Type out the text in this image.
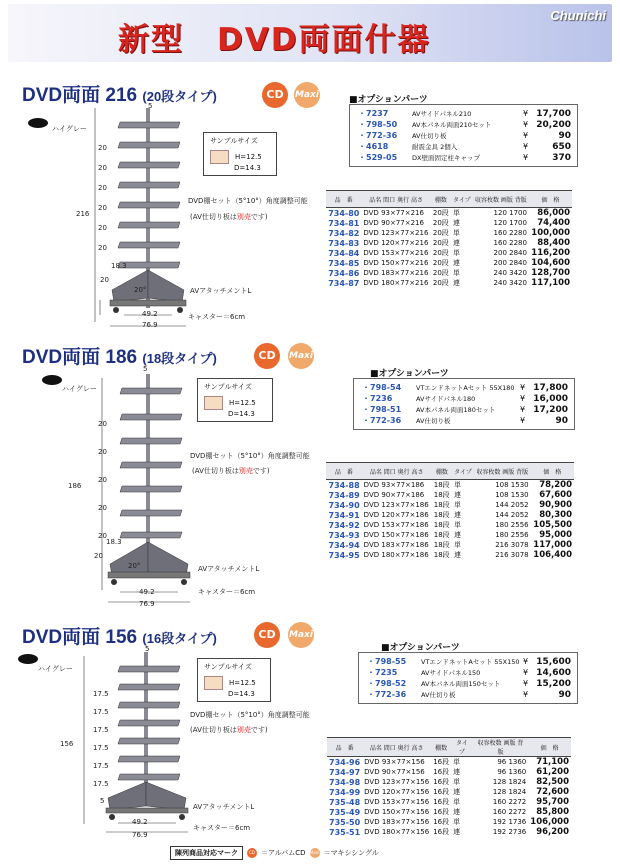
新型　DVD両面什器
Chunichi
DVD両面 216 (20段タイプ)	CD	Maxi
ハイグレー
5
20
20
20
20
20
20
216
18.3
20
20°
49.2
76.9
サンプルサイズ
H=12.5
D=14.3
DVD棚セット（5°10°）角度調整可能
(AV仕切り板は別売です)
AVアタッチメントL
キャスター＝6cm
■オプションパーツ
・7237	AVサイドパネル210	¥ 17,700
・798-50	AV本パネル両面210セット	¥ 20,200
・772-36	AV仕切り板	¥	90
・4618	耐震金具 2個入	¥	650
・529-05	DX壁面固定柱キャップ	¥	370
品　番	品名 間口 奥行 高さ	棚数	タイプ	収容枚数 画版 背版	価　格
734-80	DVD 93×77×216	20段	単	120 1700	86,000
734-81	DVD 90×77×216	20段	連	120 1700	74,400
734-82	DVD 123×77×216	20段	単	160 2280	100,000
734-83	DVD 120×77×216	20段	連	160 2280	88,400
734-84	DVD 153×77×216	20段	単	200 2840	116,200
734-85	DVD 150×77×216	20段	連	200 2840	104,600
734-86	DVD 183×77×216	20段	単	240 3420	128,700
734-87	DVD 180×77×216	20段	連	240 3420	117,100
DVD両面 186 (18段タイプ)	CD	Maxi
ハイグレー
5
20
20
20
20
20
186
18.3
20
20°
49.2
76.9
サンプルサイズ
H=12.5
D=14.3
DVD棚セット（5°10°）角度調整可能
(AV仕切り板は別売です)
AVアタッチメントL
キャスター＝6cm
■オプションパーツ
・798-54	VTエンドネットAセット 55X180 ¥ 17,800
・7236	AVサイドパネル180	¥ 16,000
・798-51	AV本パネル両面180セット	¥ 17,200
・772-36	AV仕切り板	¥	90
品　番	品名 間口 奥行 高さ	棚数	タイプ	収容枚数 画版 背版	価　格
734-88	DVD 93×77×186	18段	単	108 1530	78,200
734-89	DVD 90×77×186	18段	連	108 1530	67,600
734-90	DVD 123×77×186	18段	単	144 2052	90,900
734-91	DVD 120×77×186	18段	連	144 2052	80,300
734-92	DVD 153×77×186	18段	単	180 2556	105,500
734-93	DVD 150×77×186	18段	連	180 2556	95,000
734-94	DVD 183×77×186	18段	単	216 3078	117,000
734-95	DVD 180×77×186	18段	連	216 3078	106,400
DVD両面 156 (16段タイプ)	CD	Maxi
ハイグレー
5
17.5
17.5
17.5
17.5
17.5
17.5
156
5
49.2
76.9
サンプルサイズ
H=12.5
D=14.3
DVD棚セット（5°10°）角度調整可能
(AV仕切り板は別売です)
AVアタッチメントL
キャスター＝6cm
■オプションパーツ
・798-55	VTエンドネットAセット 55X150 ¥ 15,600
・7235	AVサイドパネル150	¥ 14,600
・798-52	AV本パネル両面150セット	¥ 15,200
・772-36	AV仕切り板	¥	90
品　番	品名 間口 奥行 高さ	棚数	タイプ	収容枚数 画版 背版	価　格
734-96	DVD 93×77×156	16段	単	96 1360	71,100
734-97	DVD 90×77×156	16段	連	96 1360	61,200
734-98	DVD 123×77×156	16段	単	128 1824	82,500
734-99	DVD 120×77×156	16段	連	128 1824	72,600
735-48	DVD 153×77×156	16段	単	160 2272	95,700
735-49	DVD 150×77×156	16段	連	160 2272	85,800
735-50	DVD 183×77×156	16段	単	192 1736	106,000
735-51	DVD 180×77×156	16段	連	192 2736	96,200
陳列商品対応マーク	CD ＝アルバムCD Maxi ＝マキシシングル
